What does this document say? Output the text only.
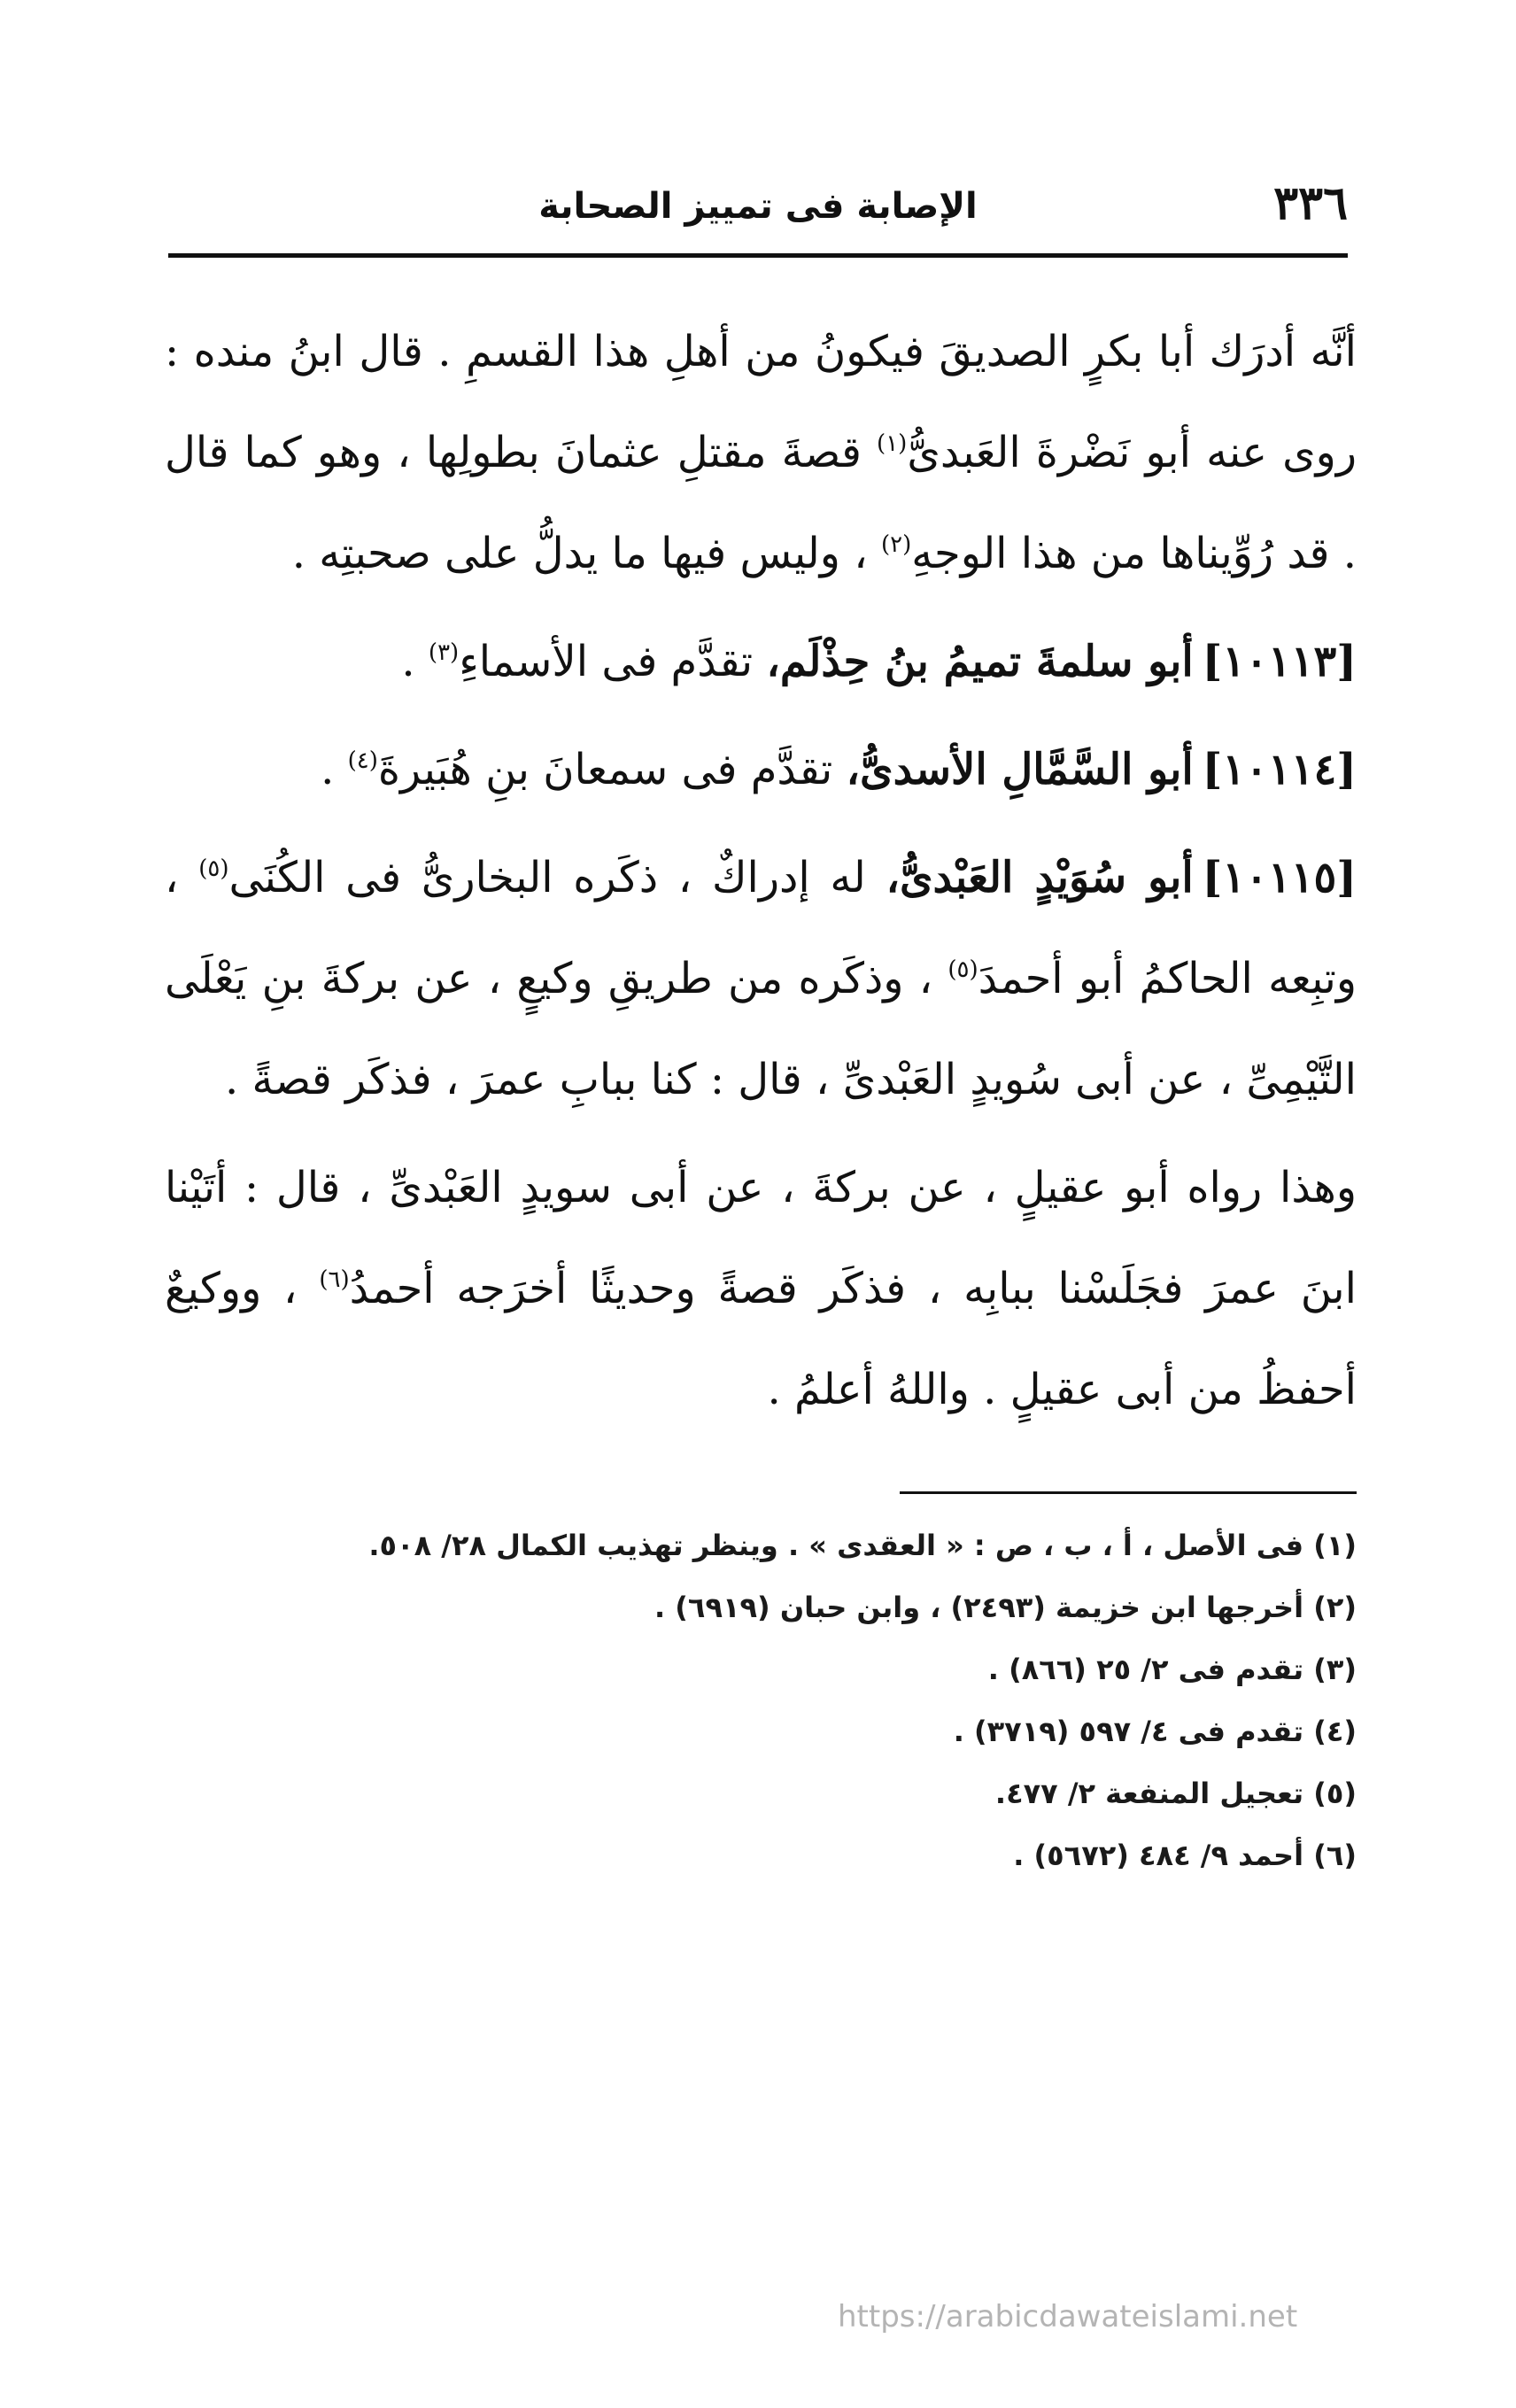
٣٣٦
الإصابة فى تمييز الصحابة

أنَّه أدرَك أبا بكرٍ الصديقَ فيكونُ من أهلِ هذا القسمِ . قال ابنُ منده : روى عنه أبو نَضْرةَ العَبدىُّ$^{(١)}$ قصةَ مقتلِ عثمانَ بطولِها ، وهو كما قال . قد رُوِّيناها من هذا الوجهِ$^{(٢)}$ ، وليس فيها ما يدلُّ على صحبتِه .

[١٠١١٣]أبو سلمةَ تميمُ بنُ حِذْلَم، تقدَّم فى الأسماءِ$^{(٣)}$ .

[١٠١١٤]أبو السَّمَّالِ الأسدىُّ، تقدَّم فى سمعانَ بنِ هُبَيرةَ$^{(٤)}$ .

[١٠١١٥]أبو سُوَيْدٍ العَبْدىُّ، له إدراكٌ ، ذكَره البخارىُّ فى الكُنَى$^{(٥)}$ ، وتبِعه الحاكمُ أبو أحمدَ$^{(٥)}$ ، وذكَره من طريقِ وكيعٍ ، عن بركةَ بنِ يَعْلَى التَّيْمِىِّ ، عن أبى سُويدٍ العَبْدىِّ ، قال : كنا ببابِ عمرَ ، فذكَر قصةً .

وهذا رواه أبو عقيلٍ ، عن بركةَ ، عن أبى سويدٍ العَبْدىِّ ، قال : أتَيْنا ابنَ عمرَ فجَلَسْنا ببابِه ، فذكَر قصةً وحديثًا أخرَجه أحمدُ$^{(٦)}$ ، ووكيعٌ أحفظُ من أبى عقيلٍ . واللهُ أعلمُ .

(١) فى الأصل ، أ ، ب ، ص : « العقدى » . وينظر تهذيب الكمال ٢٨/ ٥٠٨.
(٢) أخرجها ابن خزيمة (٢٤٩٣) ، وابن حبان (٦٩١٩) .
(٣) تقدم فى ٢/ ٢٥ (٨٦٦) .
(٤) تقدم فى ٤/ ٥٩٧ (٣٧١٩) .
(٥) تعجيل المنفعة ٢/ ٤٧٧.
(٦) أحمد ٩/ ٤٨٤ (٥٦٧٢) .
https://arabicdawateislami.net
